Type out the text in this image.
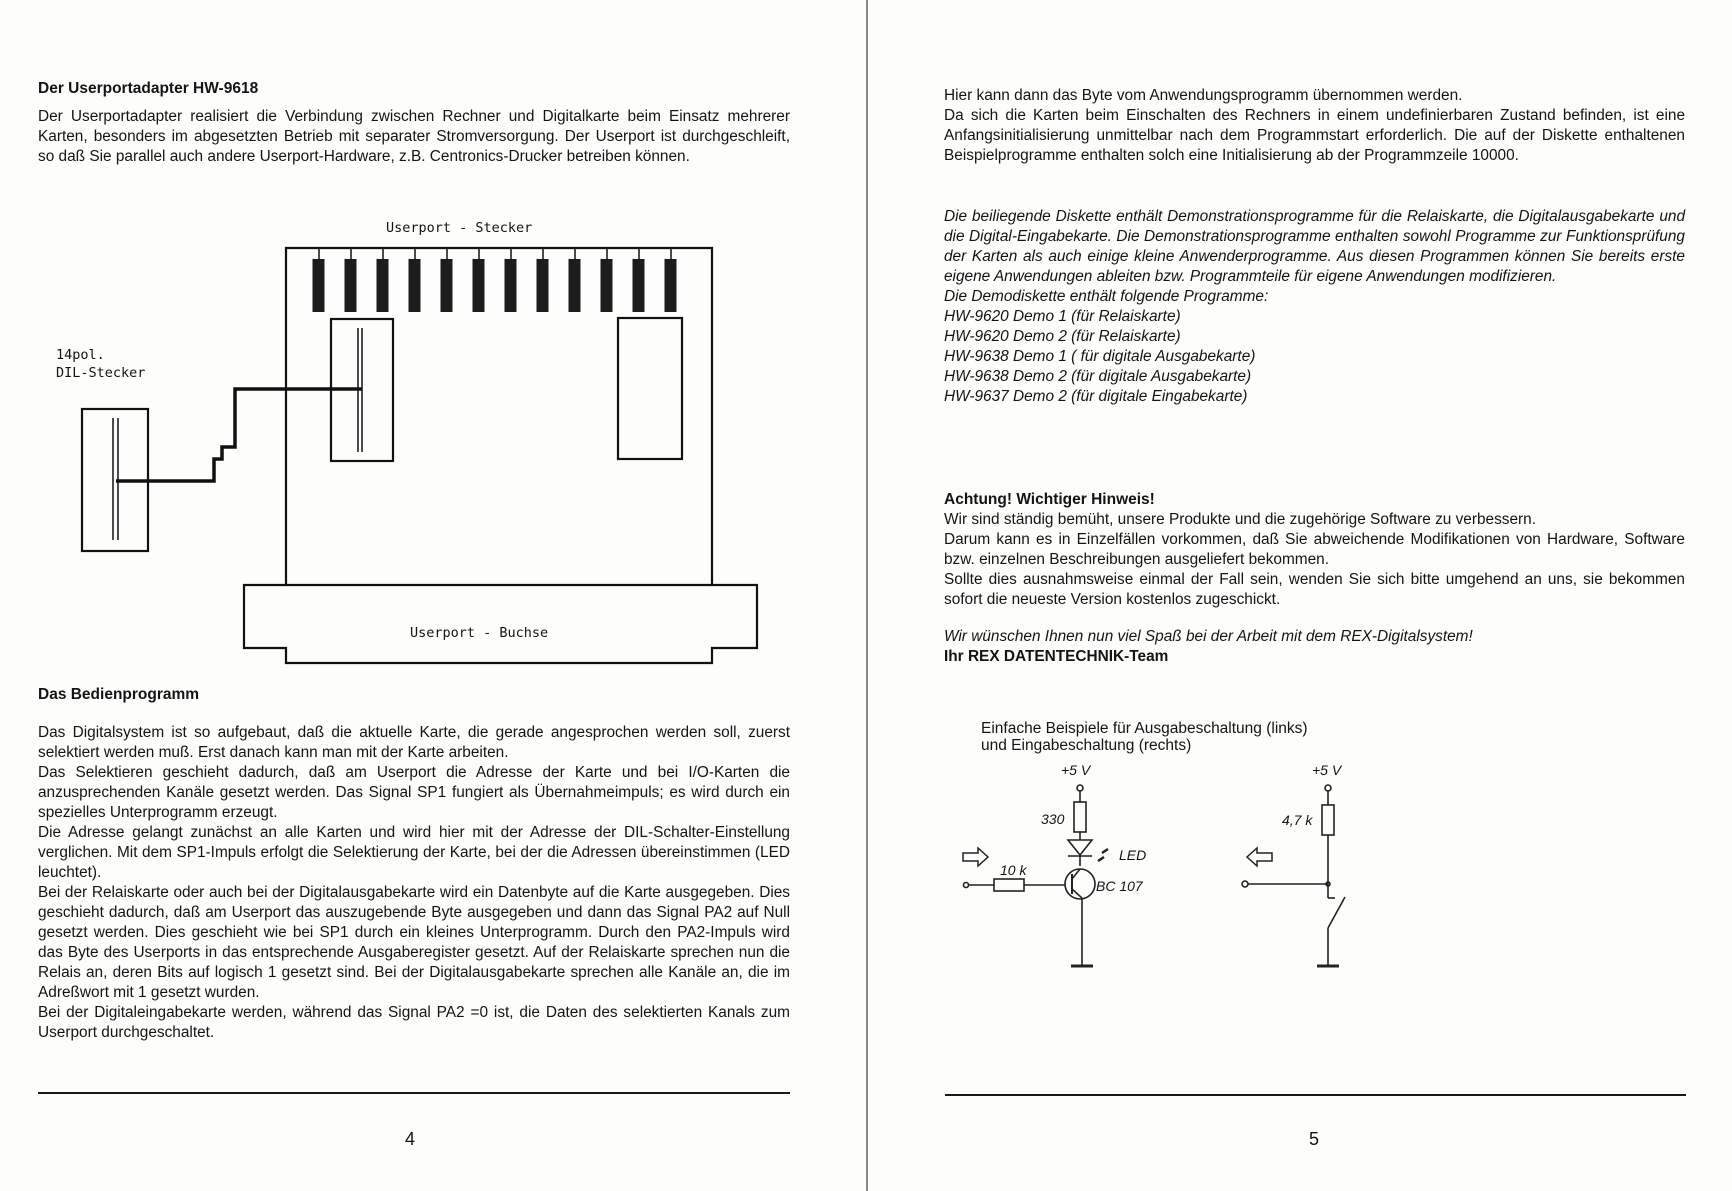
Der Userportadapter HW-9618

Der Userportadapter realisiert die Verbindung zwischen Rechner und Digitalkarte beim Einsatz mehrerer Karten, besonders im abgesetzten Betrieb mit separater Stromversorgung. Der Userport ist durchgeschleift, so daß Sie parallel auch andere Userport-Hardware, z.B. Centronics-Drucker betreiben können.

Userport - Stecker
14pol.
DIL-Stecker
Userport - Buchse
Das Bedienprogramm

Das Digitalsystem ist so aufgebaut, daß die aktuelle Karte, die gerade angesprochen werden soll, zuerst selektiert werden muß. Erst danach kann man mit der Karte arbeiten.

Das Selektieren geschieht dadurch, daß am Userport die Adresse der Karte und bei I/O-Karten die anzusprechenden Kanäle gesetzt werden. Das Signal SP1 fungiert als Übernahmeimpuls; es wird durch ein spezielles Unterprogramm erzeugt.

Die Adresse gelangt zunächst an alle Karten und wird hier mit der Adresse der DIL-Schalter-Einstellung verglichen. Mit dem SP1-Impuls erfolgt die Selektierung der Karte, bei der die Adressen übereinstimmen (LED leuchtet).

Bei der Relaiskarte oder auch bei der Digitalausgabekarte wird ein Datenbyte auf die Karte ausgegeben. Dies geschieht dadurch, daß am Userport das auszugebende Byte ausgegeben und dann das Signal PA2 auf Null gesetzt werden. Dies geschieht wie bei SP1 durch ein kleines Unterprogramm. Durch den PA2-Impuls wird das Byte des Userports in das entsprechende Ausgaberegister gesetzt. Auf der Relaiskarte sprechen nun die Relais an, deren Bits auf logisch 1 gesetzt sind. Bei der Digitalausgabekarte sprechen alle Kanäle an, die im Adreßwort mit 1 gesetzt wurden.

Bei der Digitaleingabekarte werden, während das Signal PA2 =0 ist, die Daten des selektierten Kanals zum Userport durchgeschaltet.

4

Hier kann dann das Byte vom Anwendungsprogramm übernommen werden.

Da sich die Karten beim Einschalten des Rechners in einem undefinierbaren Zustand befinden, ist eine Anfangsinitialisierung unmittelbar nach dem Programmstart erforderlich. Die auf der Diskette enthaltenen Beispielprogramme enthalten solch eine Initialisierung ab der Programmzeile 10000.

Die beiliegende Diskette enthält Demonstrationsprogramme für die Relaiskarte, die Digitalausgabekarte und die Digital-Eingabekarte. Die Demonstrationsprogramme enthalten sowohl Programme zur Funktionsprüfung der Karten als auch einige kleine Anwenderprogramme. Aus diesen Programmen können Sie bereits erste eigene Anwendungen ableiten bzw. Programmteile für eigene Anwendungen modifizieren.

Die Demodiskette enthält folgende Programme:

HW-9620 Demo 1 (für Relaiskarte)
HW-9620 Demo 2 (für Relaiskarte)
HW-9638 Demo 1 ( für digitale Ausgabekarte)
HW-9638 Demo 2 (für digitale Ausgabekarte)
HW-9637 Demo 2 (für digitale Eingabekarte)
Achtung! Wichtiger Hinweis!

Wir sind ständig bemüht, unsere Produkte und die zugehörige Software zu verbessern.

Darum kann es in Einzelfällen vorkommen, daß Sie abweichende Modifikationen von Hardware, Software bzw. einzelnen Beschreibungen ausgeliefert bekommen.

Sollte dies ausnahmsweise einmal der Fall sein, wenden Sie sich bitte umgehend an uns, sie bekommen sofort die neueste Version kostenlos zugeschickt.

Wir wünschen Ihnen nun viel Spaß bei der Arbeit mit dem REX-Digitalsystem!

Ihr REX DATENTECHNIK-Team

Einfache Beispiele für Ausgabeschaltung (links)
und Eingabeschaltung (rechts)
+5 V
330
LED
10 k
BC 107
+5 V
4,7 k
5
